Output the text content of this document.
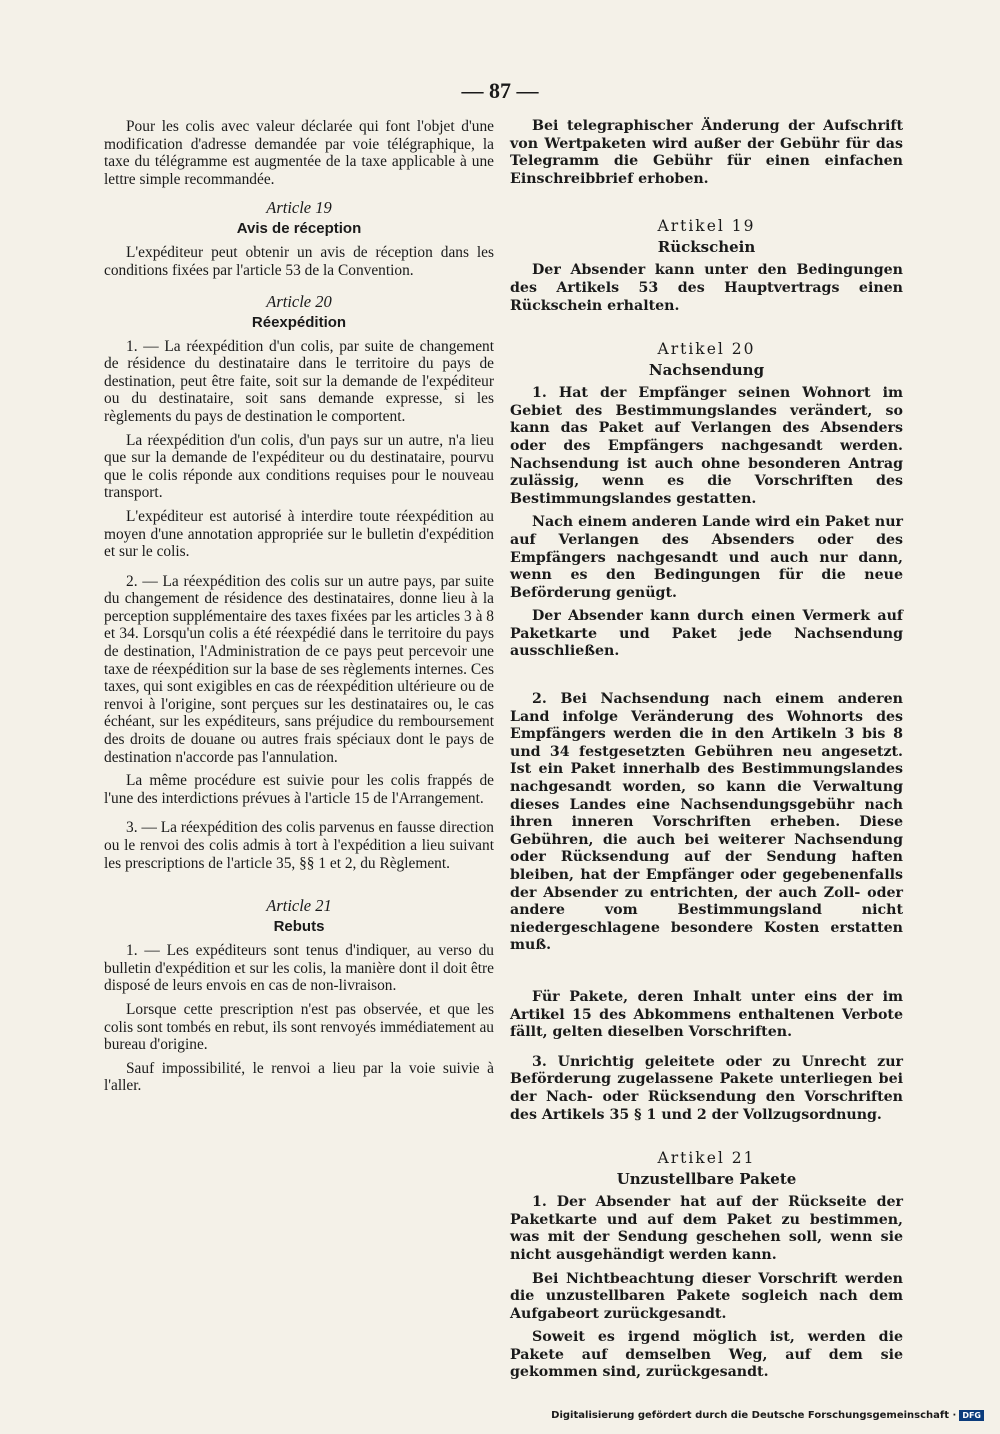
— 87 —

Pour les colis avec valeur déclarée qui font l'objet d'une modification d'adresse demandée par voie télégraphique, la taxe du télégramme est augmentée de la taxe applicable à une lettre simple recommandée.

Article 19
Avis de réception

L'expéditeur peut obtenir un avis de réception dans les conditions fixées par l'article 53 de la Convention.

Article 20
Réexpédition

1. — La réexpédition d'un colis, par suite de changement de résidence du destinataire dans le territoire du pays de destination, peut être faite, soit sur la demande de l'expéditeur ou du destinataire, soit sans demande expresse, si les règlements du pays de destination le comportent.

La réexpédition d'un colis, d'un pays sur un autre, n'a lieu que sur la demande de l'expéditeur ou du destinataire, pourvu que le colis réponde aux conditions requises pour le nouveau transport.

L'expéditeur est autorisé à interdire toute réexpédition au moyen d'une annotation appropriée sur le bulletin d'expédition et sur le colis.

2. — La réexpédition des colis sur un autre pays, par suite du changement de résidence des destinataires, donne lieu à la perception supplémentaire des taxes fixées par les articles 3 à 8 et 34. Lorsqu'un colis a été réexpédié dans le territoire du pays de destination, l'Administration de ce pays peut percevoir une taxe de réexpédition sur la base de ses règlements internes. Ces taxes, qui sont exigibles en cas de réexpédition ultérieure ou de renvoi à l'origine, sont perçues sur les destinataires ou, le cas échéant, sur les expéditeurs, sans préjudice du remboursement des droits de douane ou autres frais spéciaux dont le pays de destination n'accorde pas l'annulation.

La même procédure est suivie pour les colis frappés de l'une des interdictions prévues à l'article 15 de l'Arrangement.

3. — La réexpédition des colis parvenus en fausse direction ou le renvoi des colis admis à tort à l'expédition a lieu suivant les prescriptions de l'article 35, §§ 1 et 2, du Règlement.

Article 21
Rebuts

1. — Les expéditeurs sont tenus d'indiquer, au verso du bulletin d'expédition et sur les colis, la manière dont il doit être disposé de leurs envois en cas de non-livraison.

Lorsque cette prescription n'est pas observée, et que les colis sont tombés en rebut, ils sont renvoyés immédiatement au bureau d'origine.

Sauf impossibilité, le renvoi a lieu par la voie suivie à l'aller.

Bei telegraphischer Änderung der Aufschrift von Wertpaketen wird außer der Gebühr für das Telegramm die Gebühr für einen einfachen Einschreibbrief erhoben.

Artikel 19
Rückschein

Der Absender kann unter den Bedingungen des Artikels 53 des Hauptvertrags einen Rückschein erhalten.

Artikel 20
Nachsendung

1. Hat der Empfänger seinen Wohnort im Gebiet des Bestimmungslandes verändert, so kann das Paket auf Verlangen des Absenders oder des Empfängers nachgesandt werden. Nachsendung ist auch ohne besonderen Antrag zulässig, wenn es die Vorschriften des Bestimmungslandes gestatten.

Nach einem anderen Lande wird ein Paket nur auf Verlangen des Absenders oder des Empfängers nachgesandt und auch nur dann, wenn es den Bedingungen für die neue Beförderung genügt.

Der Absender kann durch einen Vermerk auf Paketkarte und Paket jede Nachsendung ausschließen.

2. Bei Nachsendung nach einem anderen Land infolge Veränderung des Wohnorts des Empfängers werden die in den Artikeln 3 bis 8 und 34 festgesetzten Gebühren neu angesetzt. Ist ein Paket innerhalb des Bestimmungslandes nachgesandt worden, so kann die Verwaltung dieses Landes eine Nachsendungsgebühr nach ihren inneren Vorschriften erheben. Diese Gebühren, die auch bei weiterer Nachsendung oder Rücksendung auf der Sendung haften bleiben, hat der Empfänger oder gegebenenfalls der Absender zu entrichten, der auch Zoll- oder andere vom Bestimmungsland nicht niedergeschlagene besondere Kosten erstatten muß.

Für Pakete, deren Inhalt unter eins der im Artikel 15 des Abkommens enthaltenen Verbote fällt, gelten dieselben Vorschriften.

3. Unrichtig geleitete oder zu Unrecht zur Beförderung zugelassene Pakete unterliegen bei der Nach- oder Rücksendung den Vorschriften des Artikels 35 § 1 und 2 der Vollzugsordnung.

Artikel 21
Unzustellbare Pakete

1. Der Absender hat auf der Rückseite der Paketkarte und auf dem Paket zu bestimmen, was mit der Sendung geschehen soll, wenn sie nicht ausgehändigt werden kann.

Bei Nichtbeachtung dieser Vorschrift werden die unzustellbaren Pakete sogleich nach dem Aufgabeort zurückgesandt.

Soweit es irgend möglich ist, werden die Pakete auf demselben Weg, auf dem sie gekommen sind, zurückgesandt.

Digitalisierung gefördert durch die Deutsche Forschungsgemeinschaft · DFG
